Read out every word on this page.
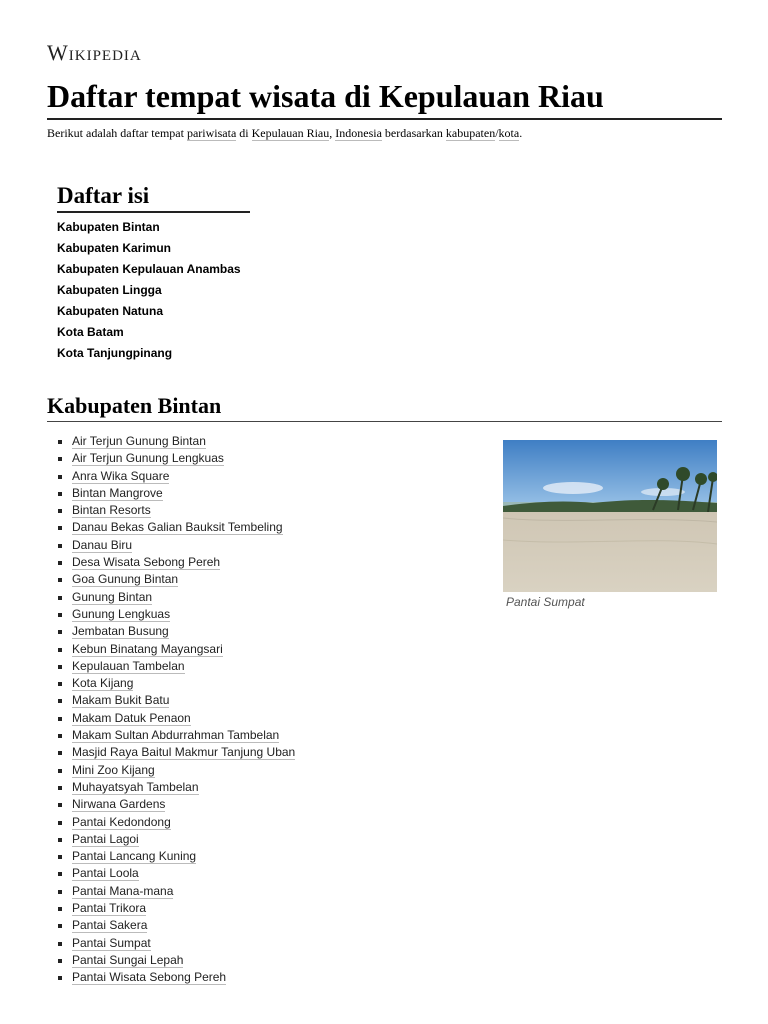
Wikipedia
Daftar tempat wisata di Kepulauan Riau
Berikut adalah daftar tempat pariwisata di Kepulauan Riau, Indonesia berdasarkan kabupaten/kota.
Daftar isi
Kabupaten Bintan
Kabupaten Karimun
Kabupaten Kepulauan Anambas
Kabupaten Lingga
Kabupaten Natuna
Kota Batam
Kota Tanjungpinang
Kabupaten Bintan
Air Terjun Gunung Bintan
Air Terjun Gunung Lengkuas
Anra Wika Square
Bintan Mangrove
Bintan Resorts
Danau Bekas Galian Bauksit Tembeling
Danau Biru
Desa Wisata Sebong Pereh
Goa Gunung Bintan
Gunung Bintan
Gunung Lengkuas
Jembatan Busung
Kebun Binatang Mayangsari
Kepulauan Tambelan
Kota Kijang
Makam Bukit Batu
Makam Datuk Penaon
Makam Sultan Abdurrahman Tambelan
Masjid Raya Baitul Makmur Tanjung Uban
Mini Zoo Kijang
Muhayatsyah Tambelan
Nirwana Gardens
Pantai Kedondong
Pantai Lagoi
Pantai Lancang Kuning
Pantai Loola
Pantai Mana-mana
Pantai Trikora
Pantai Sakera
Pantai Sumpat
Pantai Sungai Lepah
Pantai Wisata Sebong Pereh
Pantai Sumpat
